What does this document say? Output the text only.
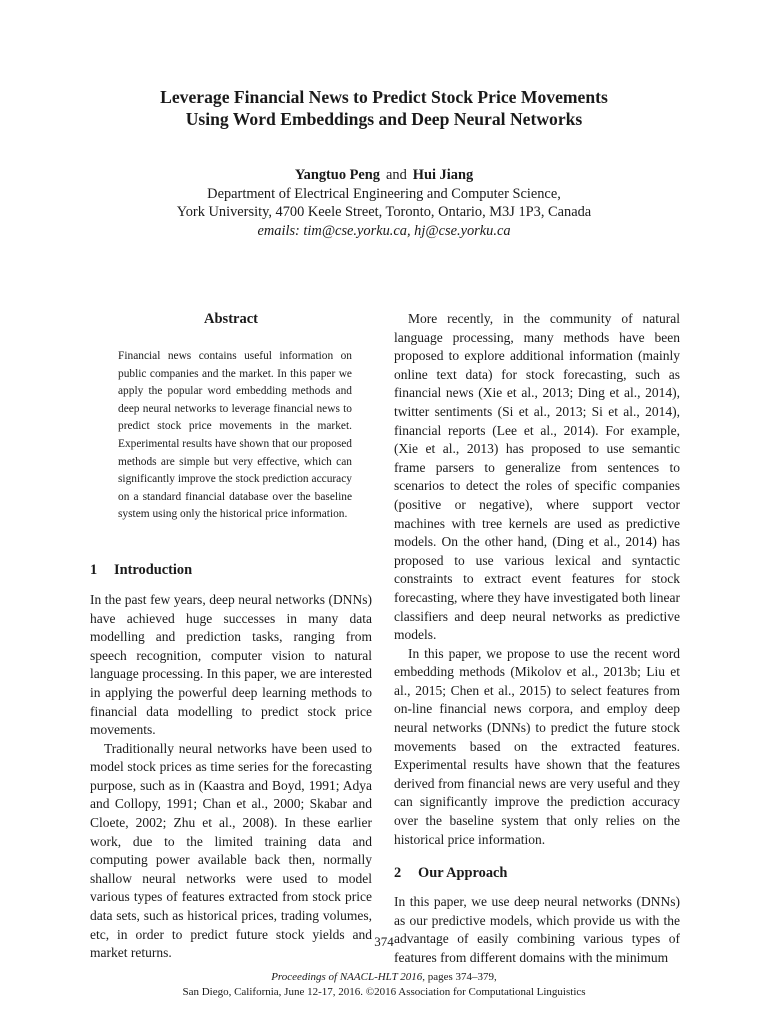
Leverage Financial News to Predict Stock Price Movements
Using Word Embeddings and Deep Neural Networks
Yangtuo Peng and Hui Jiang
Department of Electrical Engineering and Computer Science,
York University, 4700 Keele Street, Toronto, Ontario, M3J 1P3, Canada
emails: tim@cse.yorku.ca, hj@cse.yorku.ca
Abstract

Financial news contains useful information on public companies and the market. In this paper we apply the popular word embedding methods and deep neural networks to leverage financial news to predict stock price movements in the market. Experimental results have shown that our proposed methods are simple but very effective, which can significantly improve the stock prediction accuracy on a standard financial database over the baseline system using only the historical price information.

1 Introduction

In the past few years, deep neural networks (DNNs) have achieved huge successes in many data modelling and prediction tasks, ranging from speech recognition, computer vision to natural language processing. In this paper, we are interested in applying the powerful deep learning methods to financial data modelling to predict stock price movements.

Traditionally neural networks have been used to model stock prices as time series for the forecasting purpose, such as in (Kaastra and Boyd, 1991; Adya and Collopy, 1991; Chan et al., 2000; Skabar and Cloete, 2002; Zhu et al., 2008). In these earlier work, due to the limited training data and computing power available back then, normally shallow neural networks were used to model various types of features extracted from stock price data sets, such as historical prices, trading volumes, etc, in order to predict future stock yields and market returns.

More recently, in the community of natural language processing, many methods have been proposed to explore additional information (mainly online text data) for stock forecasting, such as financial news (Xie et al., 2013; Ding et al., 2014), twitter sentiments (Si et al., 2013; Si et al., 2014), financial reports (Lee et al., 2014). For example, (Xie et al., 2013) has proposed to use semantic frame parsers to generalize from sentences to scenarios to detect the roles of specific companies (positive or negative), where support vector machines with tree kernels are used as predictive models. On the other hand, (Ding et al., 2014) has proposed to use various lexical and syntactic constraints to extract event features for stock forecasting, where they have investigated both linear classifiers and deep neural networks as predictive models.

In this paper, we propose to use the recent word embedding methods (Mikolov et al., 2013b; Liu et al., 2015; Chen et al., 2015) to select features from on-line financial news corpora, and employ deep neural networks (DNNs) to predict the future stock movements based on the extracted features. Experimental results have shown that the features derived from financial news are very useful and they can significantly improve the prediction accuracy over the baseline system that only relies on the historical price information.

2 Our Approach

In this paper, we use deep neural networks (DNNs) as our predictive models, which provide us with the advantage of easily combining various types of features from different domains with the minimum

374
Proceedings of NAACL-HLT 2016, pages 374–379,
San Diego, California, June 12-17, 2016. ©2016 Association for Computational Linguistics
